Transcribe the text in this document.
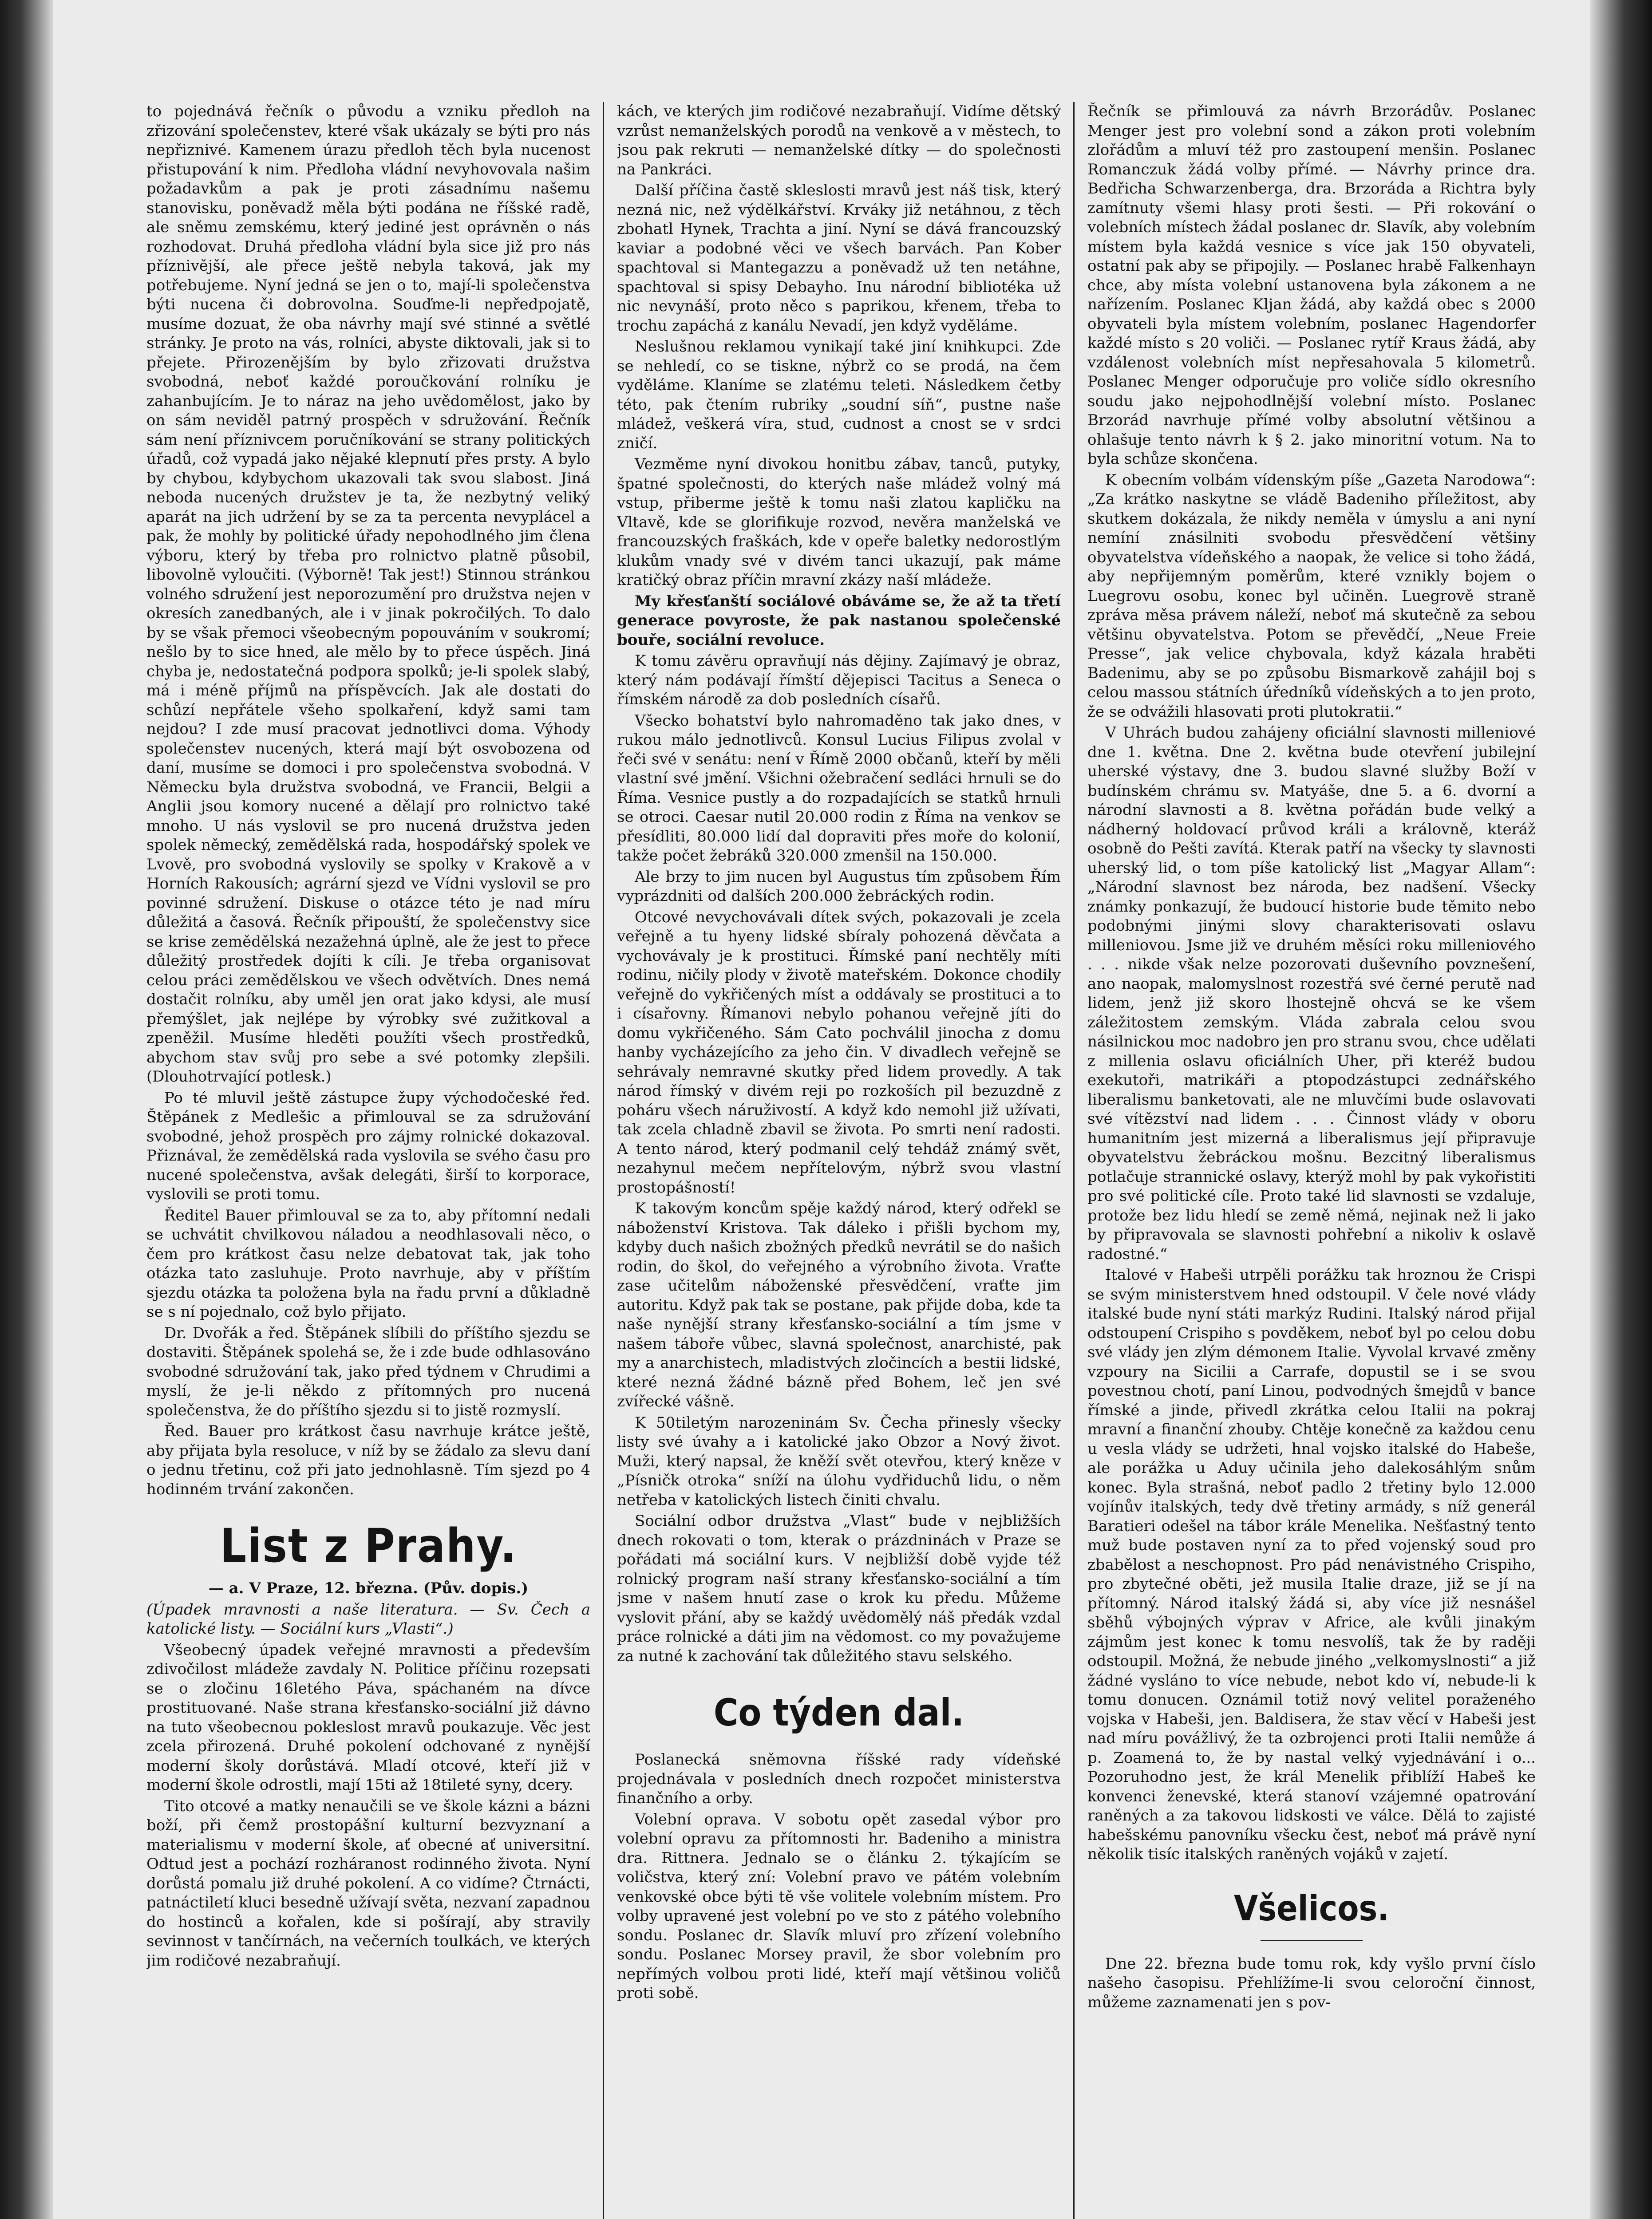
to pojednává řečník o původu a vzniku předloh na zřizování společenstev, které však ukázaly se býti pro nás nepřiznivé. Kamenem úrazu předloh těch byla nucenost přistupování k nim. Předloha vládní nevyhovovala našim požadavkům a pak je proti zásadnímu našemu stanovisku, poněvadž měla býti podána ne říšské radě, ale sněmu zemskému, který jediné jest oprávněn o nás rozhodovat. Druhá předloha vládní byla sice již pro nás příznivější, ale přece ještě nebyla taková, jak my potřebujeme. Nyní jedná se jen o to, mají-li společenstva býti nucena či dobrovolna. Souďme-li nepředpojatě, musíme dozuat, že oba návrhy mají své stinné a světlé stránky. Je proto na vás, rolníci, abyste diktovali, jak si to přejete. Přirozenějším by bylo zřizovati družstva svobodná, neboť každé poroučkování rolníku je zahanbujícím. Je to náraz na jeho uvědomělost, jako by on sám neviděl patrný prospěch v sdružování. Řečník sám není příznivcem poručníkování se strany politických úřadů, což vypadá jako nějaké klepnutí přes prsty. A bylo by chybou, kdybychom ukazovali tak svou slabost. Jiná neboda nucených družstev je ta, že nezbytný veliký aparát na jich udržení by se za ta percenta nevyplácel a pak, že mohly by politické úřady nepohodlného jim člena výboru, který by třeba pro rolnictvo platně působil, libovolně vyloučiti. (Výborně! Tak jest!) Stinnou stránkou volného sdružení jest neporozumění pro družstva nejen v okresích zanedbaných, ale i v jinak pokročilých. To dalo by se však přemoci všeobecným popouváním v soukromí; nešlo by to sice hned, ale mělo by to přece úspěch. Jiná chyba je, nedostatečná podpora spolků; je-li spolek slabý, má i méně příjmů na příspěvcích. Jak ale dostati do schůzí nepřátele všeho spolkaření, když sami tam nejdou? I zde musí pracovat jednotlivci doma. Výhody společenstev nucených, která mají být osvobozena od daní, musíme se domoci i pro společenstva svobodná. V Německu byla družstva svobodná, ve Francii, Belgii a Anglii jsou komory nucené a dělají pro rolnictvo také mnoho. U nás vyslovil se pro nucená družstva jeden spolek německý, zemědělská rada, hospodářský spolek ve Lvově, pro svobodná vyslovily se spolky v Krakově a v Horních Rakousích; agrární sjezd ve Vídni vyslovil se pro povinné sdružení. Diskuse o otázce této je nad míru důležitá a časová. Řečník připouští, že společenstvy sice se krise zemědělská nezažehná úplně, ale že jest to přece důležitý prostředek dojíti k cíli. Je třeba organisovat celou práci zemědělskou ve všech odvětvích. Dnes nemá dostačit rolníku, aby uměl jen orat jako kdysi, ale musí přemýšlet, jak nejlépe by výrobky své zužitkoval a zpeněžil. Musíme hleděti použíti všech prostředků, abychom stav svůj pro sebe a své potomky zlepšili. (Dlouhotrvající potlesk.)

Po té mluvil ještě zástupce župy východočeské řed. Štěpánek z Medlešic a přimlouval se za sdružování svobodné, jehož prospěch pro zájmy rolnické dokazoval. Přiznával, že zemědělská rada vyslovila se svého času pro nucené společenstva, avšak delegáti, širší to korporace, vyslovili se proti tomu.

Ředitel Bauer přimlouval se za to, aby přítomní nedali se uchvátit chvilkovou náladou a neodhlasovali něco, o čem pro krátkost času nelze debatovat tak, jak toho otázka tato zasluhuje. Proto navrhuje, aby v příštím sjezdu otázka ta položena byla na řadu první a důkladně se s ní pojednalo, což bylo přijato.

Dr. Dvořák a řed. Štěpánek slíbili do příštího sjezdu se dostaviti. Štěpánek spolehá se, že i zde bude odhlasováno svobodné sdružování tak, jako před týdnem v Chrudimi a myslí, že je-li někdo z přítomných pro nucená společenstva, že do příštího sjezdu si to jistě rozmyslí.

Řed. Bauer pro krátkost času navrhuje krátce ještě, aby přijata byla resoluce, v níž by se žádalo za slevu daní o jednu třetinu, což při jato jednohlasně. Tím sjezd po 4 hodinném trvání zakončen.

List z Prahy.

— a. V Praze, 12. března. (Pův. dopis.)

(Úpadek mravnosti a naše literatura. — Sv. Čech a katolické listy. — Sociální kurs „Vlasti“.)

Všeobecný úpadek veřejné mravnosti a především zdivočilost mládeže zavdaly N. Politice příčinu rozepsati se o zločinu 16letého Páva, spáchaném na dívce prostituované. Naše strana křesťansko-sociální již dávno na tuto všeobecnou pokleslost mravů poukazuje. Věc jest zcela přirozená. Druhé pokolení odchované z nynější moderní školy dorůstává. Mladí otcové, kteří již v moderní škole odrostli, mají 15ti až 18tileté syny, dcery.

Tito otcové a matky nenaučili se ve škole kázni a bázni boží, při čemž prostopášní kulturní bezvyznaní a materialismu v moderní škole, ať obecné ať universitní. Odtud jest a pochází rozháranost rodinného života. Nyní dorůstá pomalu již druhé pokolení. A co vidíme? Čtrnácti, patnáctiletí kluci besedně užívají světa, nezvaní zapadnou do hostinců a kořalen, kde si pošírají, aby stravily sevinnost v tančírnách, na večerních toulkách, ve kterých jim rodičové nezabraňují.

kách, ve kterých jim rodičové nezabraňují. Vidíme dětský vzrůst nemanželských porodů na venkově a v městech, to jsou pak rekruti — nemanželské dítky — do společnosti na Pankráci.

Další příčina častě skleslosti mravů jest náš tisk, který nezná nic, než výdělkářství. Krváky již netáhnou, z těch zbohatl Hynek, Trachta a jiní. Nyní se dává francouzský kaviar a podobné věci ve všech barvách. Pan Kober spachtoval si Mantegazzu a poněvadž už ten netáhne, spachtoval si spisy Debayho. Inu národní bibliotéka už nic nevynáší, proto něco s paprikou, křenem, třeba to trochu zapáchá z kanálu Nevadí, jen když vyděláme.

Neslušnou reklamou vynikají také jiní knihkupci. Zde se nehledí, co se tiskne, nýbrž co se prodá, na čem vyděláme. Klaníme se zlatému teleti. Následkem četby této, pak čtením rubriky „soudní síň“, pustne naše mládež, veškerá víra, stud, cudnost a cnost se v srdci zničí.

Vezměme nyní divokou honitbu zábav, tanců, putyky, špatné společnosti, do kterých naše mládež volný má vstup, přiberme ještě k tomu naši zlatou kapličku na Vltavě, kde se glorifikuje rozvod, nevěra manželská ve francouzských fraškách, kde v opeře baletky nedorostlým klukům vnady své v divém tanci ukazují, pak máme kratičký obraz příčin mravní zkázy naší mládeže.

My křesťanští sociálové obáváme se, že až ta třetí generace povyroste, že pak nastanou společenské bouře, sociální revoluce.

K tomu závěru opravňují nás dějiny. Zajímavý je obraz, který nám podávají římští dějepisci Tacitus a Seneca o římském národě za dob posledních císařů.

Všecko bohatství bylo nahromaděno tak jako dnes, v rukou málo jednotlivců. Konsul Lucius Filipus zvolal v řeči své v senátu: není v Římě 2000 občanů, kteří by měli vlastní své jmění. Všichni ožebračení sedláci hrnuli se do Říma. Vesnice pustly a do rozpadajících se statků hrnuli se otroci. Caesar nutil 20.000 rodin z Říma na venkov se přesídliti, 80.000 lidí dal dopraviti přes moře do kolonií, takže počet žebráků 320.000 zmenšil na 150.000.

Ale brzy to jim nucen byl Augustus tím způsobem Řím vyprázdniti od dalších 200.000 žebráckých rodin.

Otcové nevychovávali dítek svých, pokazovali je zcela veřejně a tu hyeny lidské sbíraly pohozená děvčata a vychovávaly je k prostituci. Římské paní nechtěly míti rodinu, ničily plody v životě mateřském. Dokonce chodily veřejně do vykřičených míst a oddávaly se prostituci a to i císařovny. Římanovi nebylo pohanou veřejně jíti do domu vykřičeného. Sám Cato pochválil jinocha z domu hanby vycházejícího za jeho čin. V divadlech veřejně se sehrávaly nemravné skutky před lidem provedly. A tak národ římský v divém reji po rozkoších pil bezuzdně z poháru všech náruživostí. A když kdo nemohl již užívati, tak zcela chladně zbavil se života. Po smrti není radosti. A tento národ, který podmanil celý tehdáž známý svět, nezahynul mečem nepřítelovým, nýbrž svou vlastní prostopášností!

K takovým koncům spěje každý národ, který odřekl se náboženství Kristova. Tak dáleko i přišli bychom my, kdyby duch našich zbožných předků nevrátil se do našich rodin, do škol, do veřejného a výrobního života. Vraťte zase učitelům náboženské přesvědčení, vraťte jim autoritu. Když pak tak se postane, pak přijde doba, kde ta naše nynější strany křesťansko-sociální a tím jsme v našem táboře vůbec, slavná společnost, anarchisté, pak my a anarchistech, mladistvých zločincích a bestii lidské, které nezná žádné bázně před Bohem, leč jen své zvířecké vášně.

K 50tiletým narozeninám Sv. Čecha přinesly všecky listy své úvahy a i katolické jako Obzor a Nový život. Muži, který napsal, že kněží svět otevřou, který kněze v „Písničk otroka“ sníží na úlohu vydřiduchů lidu, o něm netřeba v katolických listech činiti chvalu.

Sociální odbor družstva „Vlast“ bude v nejbližších dnech rokovati o tom, kterak o prázdninách v Praze se pořádati má sociální kurs. V nejbližší době vyjde též rolnický program naší strany křesťansko-sociální a tím jsme v našem hnutí zase o krok ku předu. Můžeme vyslovit přání, aby se každý uvědomělý náš předák vzdal práce rolnické a dáti jim na vědomost. co my považujeme za nutné k zachování tak důležitého stavu selského.

Co týden dal.

Poslanecká sněmovna říšské rady vídeňské projednávala v posledních dnech rozpočet ministerstva finančního a orby.

Volební oprava. V sobotu opět zasedal výbor pro volební opravu za přítomnosti hr. Badeniho a ministra dra. Rittnera. Jednalo se o článku 2. týkajícím se voličstva, který zní: Volební pravo ve pátém volebním venkovské obce býti tě vše volitele volebním místem. Pro volby upravené jest volební po ve sto z pátého volebního sondu. Poslanec dr. Slavík mluví pro zřízení volebního sondu. Poslanec Morsey pravil, že sbor volebním pro nepřímých volbou proti lidé, kteří mají většinou voličů proti sobě.

Řečník se přimlouvá za návrh Brzorádův. Poslanec Menger jest pro volební sond a zákon proti volebním zlořádům a mluví též pro zastoupení menšin. Poslanec Romanczuk žádá volby přímé. — Návrhy prince dra. Bedřicha Schwarzenberga, dra. Brzoráda a Richtra byly zamítnuty všemi hlasy proti šesti. — Při rokování o volebních místech žádal poslanec dr. Slavík, aby volebním místem byla každá vesnice s více jak 150 obyvateli, ostatní pak aby se připojily. — Poslanec hrabě Falkenhayn chce, aby místa volební ustanovena byla zákonem a ne nařízením. Poslanec Kljan žádá, aby každá obec s 2000 obyvateli byla místem volebním, poslanec Hagendorfer každé místo s 20 voliči. — Poslanec rytíř Kraus žádá, aby vzdálenost volebních míst nepřesahovala 5 kilometrů. Poslanec Menger odporučuje pro voliče sídlo okresního soudu jako nejpohodlnější volební místo. Poslanec Brzorád navrhuje přímé volby absolutní většinou a ohlašuje tento návrh k § 2. jako minoritní votum. Na to byla schůze skončena.

K obecním volbám vídenským píše „Gazeta Narodowa“: „Za krátko naskytne se vládě Badeniho příležitost, aby skutkem dokázala, že nikdy neměla v úmyslu a ani nyní nemíní znásilniti svobodu přesvědčení většiny obyvatelstva vídeňského a naopak, že velice si toho žádá, aby nepřijemným poměrům, které vznikly bojem o Luegrovu osobu, konec byl učiněn. Luegrově straně zpráva měsa právem náleží, neboť má skutečně za sebou většinu obyvatelstva. Potom se převědčí, „Neue Freie Presse“, jak velice chybovala, když kázala hraběti Badenimu, aby se po způsobu Bismarkově zahájil boj s celou massou státních úředníků vídeňských a to jen proto, že se odvážili hlasovati proti plutokratii.“

V Uhrách budou zahájeny oficiální slavnosti milleniové dne 1. května. Dne 2. května bude otevření jubilejní uherské výstavy, dne 3. budou slavné služby Boží v budínském chrámu sv. Matyáše, dne 5. a 6. dvorní a národní slavnosti a 8. května pořádán bude velký a nádherný holdovací průvod králi a královně, kteráž osobně do Pešti zavítá. Kterak patří na všecky ty slavnosti uherský lid, o tom píše katolický list „Magyar Allam“: „Národní slavnost bez národa, bez nadšení. Všecky známky ponkazují, že budoucí historie bude těmito nebo podobnými jinými slovy charakterisovati oslavu milleniovou. Jsme již ve druhém měsíci roku milleniového . . . nikde však nelze pozorovati duševního povznešení, ano naopak, malomyslnost rozestřá své černé perutě nad lidem, jenž již skoro lhostejně ohcvá se ke všem záležitostem zemským. Vláda zabrala celou svou násilnickou moc nadobro jen pro stranu svou, chce udělati z millenia oslavu oficiálních Uher, při kteréž budou exekutoři, matrikáři a ptopodzástupci zednářského liberalismu banketovati, ale ne mluvčími bude oslavovati své vítězství nad lidem . . . Činnost vlády v oboru humanitním jest mizerná a liberalismus její připravuje obyvatelstvu žebráckou mošnu. Bezcitný liberalismus potlačuje strannické oslavy, kterýž mohl by pak vykořistiti pro své politické cíle. Proto také lid slavnosti se vzdaluje, protože bez lidu hledí se země němá, nejinak než li jako by připravovala se slavnosti pohřební a nikoliv k oslavě radostné.“

Italové v Habeši utrpěli porážku tak hroznou že Crispi se svým ministerstvem hned odstoupil. V čele nové vlády italské bude nyní státi markýz Rudini. Italský národ přijal odstoupení Crispiho s povděkem, neboť byl po celou dobu své vlády jen zlým démonem Italie. Vyvolal krvavé změny vzpoury na Sicilii a Carrafe, dopustil se i se svou povestnou chotí, paní Linou, podvodných šmejdů v bance římské a jinde, přivedl zkrátka celou Italii na pokraj mravní a finanční zhouby. Chtěje konečně za každou cenu u vesla vlády se udržeti, hnal vojsko italské do Habeše, ale porážka u Aduy učinila jeho dalekosáhlým snům konec. Byla strašná, neboť padlo 2 třetiny bylo 12.000 vojínův italských, tedy dvě třetiny armády, s níž generál Baratieri odešel na tábor krále Menelika. Nešťastný tento muž bude postaven nyní za to před vojenský soud pro zbabělost a neschopnost. Pro pád nenávistného Crispiho, pro zbytečné oběti, jež musila Italie draze, již se jí na přítomný. Národ italský žádá si, aby více již nesnášel sběhů výbojných výprav v Africe, ale kvůli jinakým zájmům jest konec k tomu nesvolíš, tak že by raději odstoupil. Možná, že nebude jiného „velkomyslnosti“ a již žádné vysláno to více nebude, nebot kdo ví, nebude-li k tomu donucen. Oznámil totiž nový velitel poraženého vojska v Habeši, jen. Baldisera, že stav věcí v Habeši jest nad míru povážlivý, že ta ozbrojenci proti Italii nemůže á p. Zoamená to, že by nastal velký vyjednávání i o... Pozoruhodno jest, že král Menelik přiblíží Habeš ke konvenci ženevské, která stanoví vzájemné opatrování raněných a za takovou lidskosti ve válce. Dělá to zajisté habešskému panovníku všecku čest, neboť má právě nyní několik tisíc italských raněných vojáků v zajetí.

Všelicos.

Dne 22. března bude tomu rok, kdy vyšlo první číslo našeho časopisu. Přehlížíme-li svou celoroční činnost, můžeme zaznamenati jen s pov-
